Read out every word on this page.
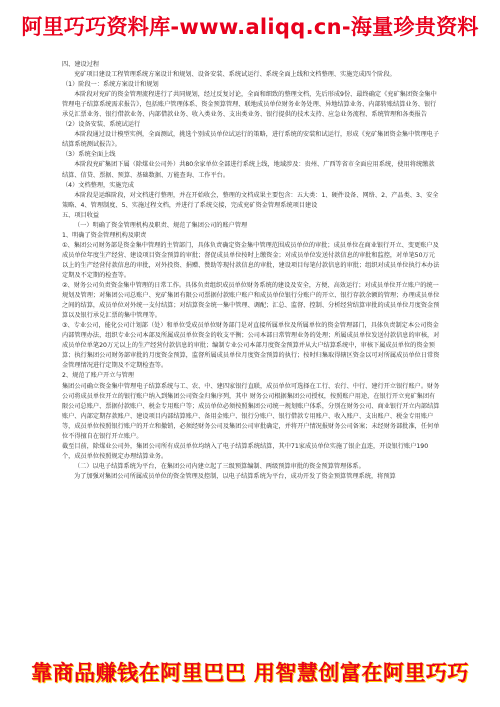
阿里巧巧资料库-www.aliqq.cn-海量珍贵资料

四、建设过程

兖矿项目建设工程管理系统方案设计和规划、设备安装、系统试运行、系统全面上线和文档整理、实施完成四个阶段。

（1）阶段一：系统方案设计和规划

本阶段对兖矿的资金管理流程进行了共同规划，经过反复讨论，全面和细致的整理文档，先后形成9份、最终确定《兖矿集团资金集中管理电子结算系统需求报告》，包括账户管理体系、资金预算管理、联地成员单位财务业务处理、异地结算业务、内部转账结算业务、银行承兑汇票业务、银行借款业务、内部借款业务、收入类业务、支出类业务、银行提供的技术支持、应急业务流程、系统管理和各类报告

（2）设备安装、系统试运行

本阶段通过设计模型实例，全面测试，挑选个别成员单位试运行的策略，进行系统的安装和试运行，形成《兖矿集团资金集中管理电子结算系统测试报告》。

（3）系统全面上线

本阶段兖矿集团下属（除煤业公司外）共80余家单位全部进行系统上线，地域涉及：贵州、广西等省市全面应用系统，使用将统缴款结算、信贷、票据、预算、基础数据、万能查询、工作平台。

（4）文档整理，实施完成

本阶段是运维阶段，对文档进行整理，并在开始收会，整理的文档成果主要包含：五大类：1、硬件设备、网络、2、产品类、3、安全策略、4、管理制度、5、实施过程文档，并进行了系统交接，完成兖矿资金管理系统项目建设

五、项目收益

（一）明确了资金管理机构及职责、规范了集团公司的账户管理

1、明确了资金管理机构及职责

①、集团公司财务部是资金集中管理的主管部门，具体负责确定资金集中管理范围成员单位的审批；成员单位在商业银行开立、变更账户及成员单位年度生产经营、建设项目资金预算的审批；督促成员单位按时上缴资金；对成员单位发送付款信息的审批和监控，对单笔50万元以上的生产经营付款信息的审批，对外投资、捐赠、赞助等现付款信息的审批，建设项目每笔付款信息的审批；组织对成员单位执行本办法定期及不定期的检查等。

②、财务公司负责资金集中管理的日常工作。具体负责组织成员单位财务系统的建设及安全，方便、高效运行；对成员单位开立账户的统一规划及管理；对集团公司总账户、兖矿集团有限公司票据付款账户账户和成员单位银行分账户的开立、银行存款余额的管理；办理成员单位之间的结算，成员单位对外统一支付结算；对结算资金统一集中管理、调配；汇总、监督、控制、分析经营结算审批的成员单位月度资金预算以及银行承兑汇票的集中管理等。

③、专业公司，能化公司计划部（处）和单位受成员单位财务部门是对直接所属单位及所属单位的资金管理部门，具体负责制定本公司资金内部管理办法，组织专业公司本部及所属成员单位资金的收支平衡；公司本部日常管理业务的处理；所属成员单位发送付款信息的审核，对成员单位单笔20万元以上的生产经营付款信息的审批；编制专业公司本部月度资金预算并从大户结算系统中，审核下属成员单位的资金预算；执行集团公司财务部审批的月度资金预算，监督所属成员单位月度资金预算的执行；按时归集取得辖区资金以可对所属成员单位日常资金管理情况进行定期及不定期检查等。

2、规范了账户开立与管理

集团公司确立资金集中管理电子结算系统与工、农、中、建四家银行直联，成员单位可选择在工行、农行、中行、建行开立银行账户。财务公司将成员单位开立的银行账户纳入到集团公司资金归集序列，其中 财务公司根据集团公司授权，按照账户用途，在银行开立兖矿集团有限公司总账户、票据付款账户、税金专用账户等；成员单位必须按照集团公司统一规划账户体系，分别在财务公司、商业银行开立内部结算账户、内部定期存款账户、建设项目内部结算账户、备用金账户、银行分账户、银行借款专用账户、收入账户、支出账户、税金专用账户等，成员单位按照银行账户的开立和撤销，必须经财务公司及集团公司审批确定，并将开户情况报财务公司备案；未经财务部批准，任何单位不得擅自在银行开立账户。

截至目前，除煤业公司外，集团公司所有成员单位均纳入了电子结算系统结算，其中71家成员单位实施了银企直连，开设银行账户190个，成员单位按照规定办理结算业务。

（二）以电子结算系统为平台，在集团公司内建立起了三级预算编制、两级预算审批的资金预算管理体系。

为了加强对集团公司所属成员单位的资金管理及控制，以电子结算系统为平台，成功开发了资金预算管理系统，将预算

靠商品赚钱在阿里巴巴 用智慧创富在阿里巧巧
